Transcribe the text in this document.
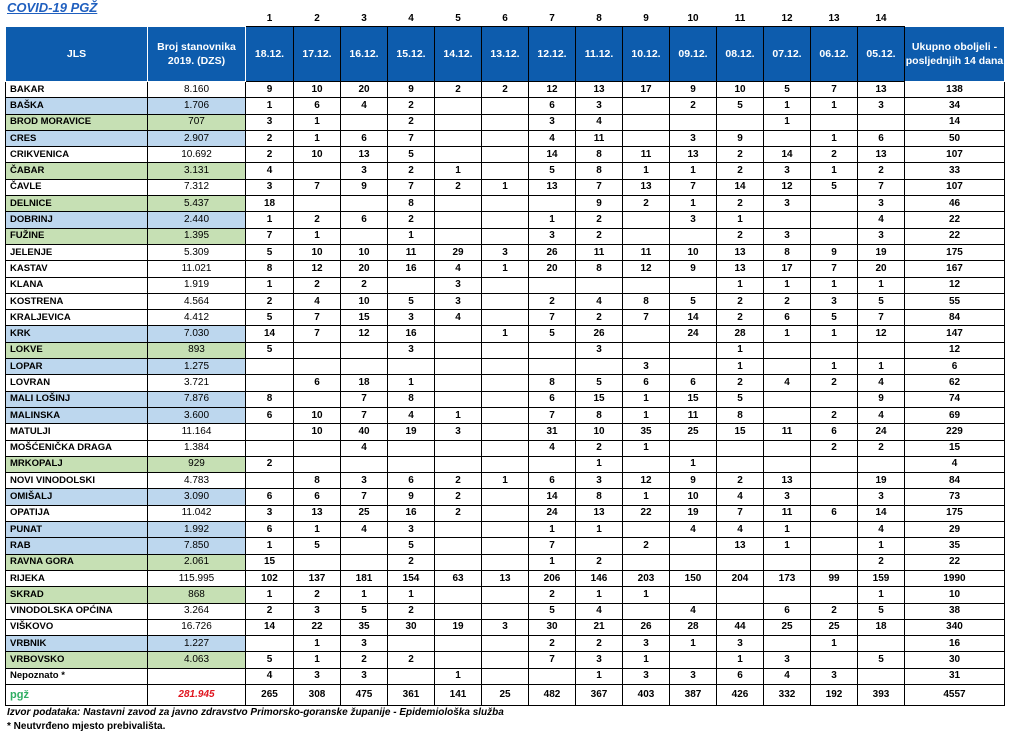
COVID-19 PGŽ
		1	2	3	4	5	6	7	8	9	10	11	12	13	14	
JLS	Broj stanovnika 2019. (DZS)	18.12.	17.12.	16.12.	15.12.	14.12.	13.12.	12.12.	11.12.	10.12.	09.12.	08.12.	07.12.	06.12.	05.12.	Ukupno oboljeli - posljednjih 14 dana
BAKAR	8.160	9	10	20	9	2	2	12	13	17	9	10	5	7	13	138
BAŠKA	1.706	1	6	4	2			6	3		2	5	1	1	3	34
BROD MORAVICE	707	3	1		2			3	4				1			14
CRES	2.907	2	1	6	7			4	11		3	9		1	6	50
CRIKVENICA	10.692	2	10	13	5			14	8	11	13	2	14	2	13	107
ČABAR	3.131	4		3	2	1		5	8	1	1	2	3	1	2	33
ČAVLE	7.312	3	7	9	7	2	1	13	7	13	7	14	12	5	7	107
DELNICE	5.437	18			8				9	2	1	2	3		3	46
DOBRINJ	2.440	1	2	6	2			1	2		3	1			4	22
FUŽINE	1.395	7	1		1			3	2			2	3		3	22
JELENJE	5.309	5	10	10	11	29	3	26	11	11	10	13	8	9	19	175
KASTAV	11.021	8	12	20	16	4	1	20	8	12	9	13	17	7	20	167
KLANA	1.919	1	2	2		3						1	1	1	1	12
KOSTRENA	4.564	2	4	10	5	3		2	4	8	5	2	2	3	5	55
KRALJEVICA	4.412	5	7	15	3	4		7	2	7	14	2	6	5	7	84
KRK	7.030	14	7	12	16		1	5	26		24	28	1	1	12	147
LOKVE	893	5			3				3			1				12
LOPAR	1.275									3		1		1	1	6
LOVRAN	3.721		6	18	1			8	5	6	6	2	4	2	4	62
MALI LOŠINJ	7.876	8		7	8			6	15	1	15	5			9	74
MALINSKA	3.600	6	10	7	4	1		7	8	1	11	8		2	4	69
MATULJI	11.164		10	40	19	3		31	10	35	25	15	11	6	24	229
MOŠĆENIČKA DRAGA	1.384			4				4	2	1				2	2	15
MRKOPALJ	929	2							1		1					4
NOVI VINODOLSKI	4.783		8	3	6	2	1	6	3	12	9	2	13		19	84
OMIŠALJ	3.090	6	6	7	9	2		14	8	1	10	4	3		3	73
OPATIJA	11.042	3	13	25	16	2		24	13	22	19	7	11	6	14	175
PUNAT	1.992	6	1	4	3			1	1		4	4	1		4	29
RAB	7.850	1	5		5			7		2		13	1		1	35
RAVNA GORA	2.061	15			2			1	2						2	22
RIJEKA	115.995	102	137	181	154	63	13	206	146	203	150	204	173	99	159	1990
SKRAD	868	1	2	1	1			2	1	1					1	10
VINODOLSKA OPĆINA	3.264	2	3	5	2			5	4		4		6	2	5	38
VIŠKOVO	16.726	14	22	35	30	19	3	30	21	26	28	44	25	25	18	340
VRBNIK	1.227		1	3				2	2	3	1	3		1		16
VRBOVSKO	4.063	5	1	2	2			7	3	1		1	3		5	30
Nepoznato *		4	3	3		1			1	3	3	6	4	3		31
pgž	281.945	265	308	475	361	141	25	482	367	403	387	426	332	192	393	4557
Izvor podataka: Nastavni zavod za javno zdravstvo Primorsko-goranske županije - Epidemiološka služba
* Neutvrđeno mjesto prebivališta.
